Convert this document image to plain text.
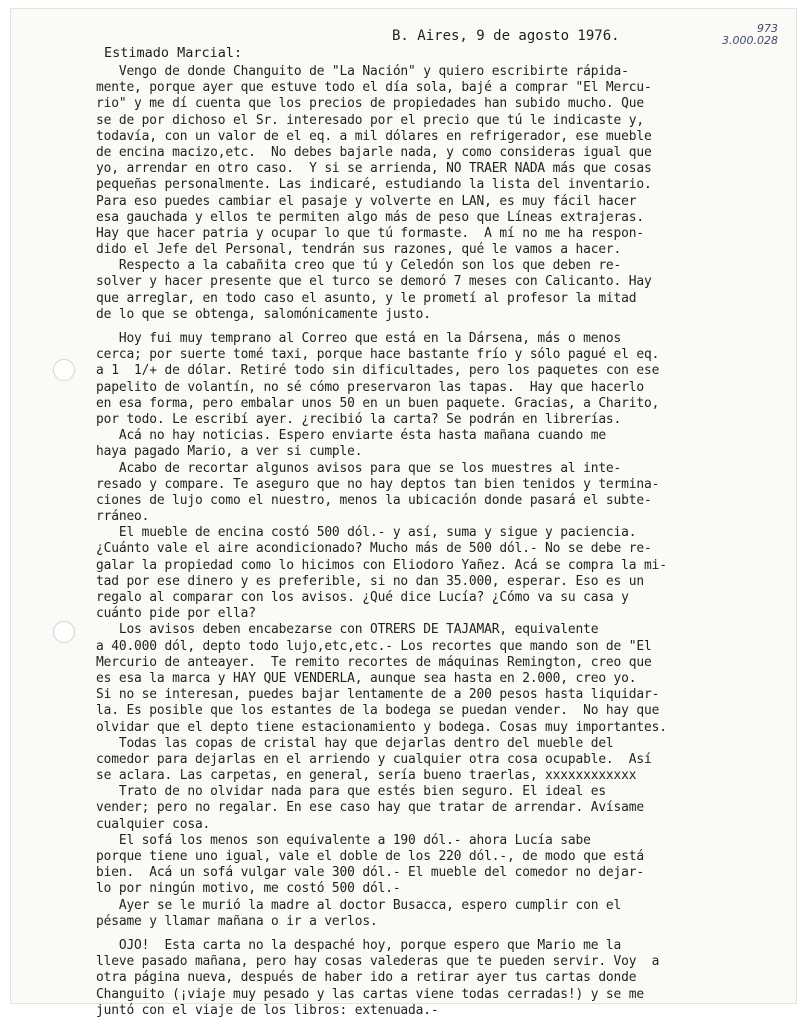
973
3.000.028
B. Aires, 9 de agosto 1976.
Estimado Marcial:
Vengo de donde Changuito de "La Nación" y quiero escribirte rápida-
mente, porque ayer que estuve todo el día sola, bajé a comprar "El Mercu-
rio" y me dí cuenta que los precios de propiedades han subido mucho. Que
se de por dichoso el Sr. interesado por el precio que tú le indicaste y,
todavía, con un valor de el eq. a mil dólares en refrigerador, ese mueble
de encina macizo,etc.  No debes bajarle nada, y como consideras igual que
yo, arrendar en otro caso.  Y si se arrienda, NO TRAER NADA más que cosas
pequeñas personalmente. Las indicaré, estudiando la lista del inventario.
Para eso puedes cambiar el pasaje y volverte en LAN, es muy fácil hacer
esa gauchada y ellos te permiten algo más de peso que Líneas extrajeras.
Hay que hacer patria y ocupar lo que tú formaste.  A mí no me ha respon-
dido el Jefe del Personal, tendrán sus razones, qué le vamos a hacer.
Respecto a la cabañita creo que tú y Celedón son los que deben re-
solver y hacer presente que el turco se demoró 7 meses con Calicanto. Hay
que arreglar, en todo caso el asunto, y le prometí al profesor la mitad
de lo que se obtenga, salomónicamente justo.
Hoy fui muy temprano al Correo que está en la Dársena, más o menos
cerca; por suerte tomé taxi, porque hace bastante frío y sólo pagué el eq.
a 1  1/+ de dólar. Retiré todo sin dificultades, pero los paquetes con ese
papelito de volantín, no sé cómo preservaron las tapas.  Hay que hacerlo
en esa forma, pero embalar unos 50 en un buen paquete. Gracias, a Charito,
por todo. Le escribí ayer. ¿recibió la carta? Se podrán en librerías.
Acá no hay noticias. Espero enviarte ésta hasta mañana cuando me
haya pagado Mario, a ver si cumple.
Acabo de recortar algunos avisos para que se los muestres al inte-
resado y compare. Te aseguro que no hay deptos tan bien tenidos y termina-
ciones de lujo como el nuestro, menos la ubicación donde pasará el subte-
rráneo.
El mueble de encina costó 500 dól.- y así, suma y sigue y paciencia.
¿Cuánto vale el aire acondicionado? Mucho más de 500 dól.- No se debe re-
galar la propiedad como lo hicimos con Eliodoro Yañez. Acá se compra la mi-
tad por ese dinero y es preferible, si no dan 35.000, esperar. Eso es un
regalo al comparar con los avisos. ¿Qué dice Lucía? ¿Cómo va su casa y
cuánto pide por ella?
Los avisos deben encabezarse con OTRERS DE TAJAMAR, equivalente
a 40.000 dól, depto todo lujo,etc,etc.- Los recortes que mando son de "El
Mercurio de anteayer.  Te remito recortes de máquinas Remington, creo que
es esa la marca y HAY QUE VENDERLA, aunque sea hasta en 2.000, creo yo.
Si no se interesan, puedes bajar lentamente de a 200 pesos hasta liquidar-
la. Es posible que los estantes de la bodega se puedan vender.  No hay que
olvidar que el depto tiene estacionamiento y bodega. Cosas muy importantes.
Todas las copas de cristal hay que dejarlas dentro del mueble del
comedor para dejarlas en el arriendo y cualquier otra cosa ocupable.  Así
se aclara. Las carpetas, en general, sería bueno traerlas, xxxxxxxxxxxx
Trato de no olvidar nada para que estés bien seguro. El ideal es
vender; pero no regalar. En ese caso hay que tratar de arrendar. Avísame
cualquier cosa.
El sofá los menos son equivalente a 190 dól.- ahora Lucía sabe
porque tiene uno igual, vale el doble de los 220 dól.-, de modo que está
bien.  Acá un sofá vulgar vale 300 dól.- El mueble del comedor no dejar-
lo por ningún motivo, me costó 500 dól.-
Ayer se le murió la madre al doctor Busacca, espero cumplir con el
pésame y llamar mañana o ir a verlos.
OJO!  Esta carta no la despaché hoy, porque espero que Mario me la
lleve pasado mañana, pero hay cosas valederas que te pueden servir. Voy  a
otra página nueva, después de haber ido a retirar ayer tus cartas donde
Changuito (¡viaje muy pesado y las cartas viene todas cerradas!) y se me
juntó con el viaje de los libros: extenuada.-
